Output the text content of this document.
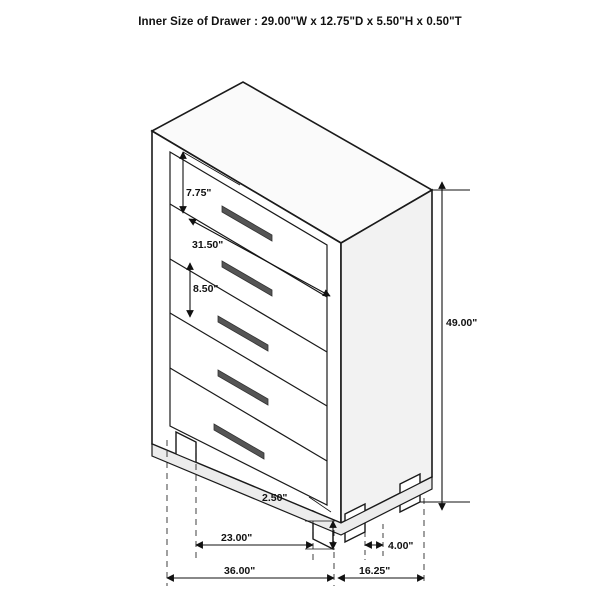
Inner Size of Drawer : 29.00"W x 12.75"D x 5.50"H x 0.50"T
7.75"
31.50"
8.50"
49.00"
2.50"
23.00"
4.00"
36.00"	16.25"
